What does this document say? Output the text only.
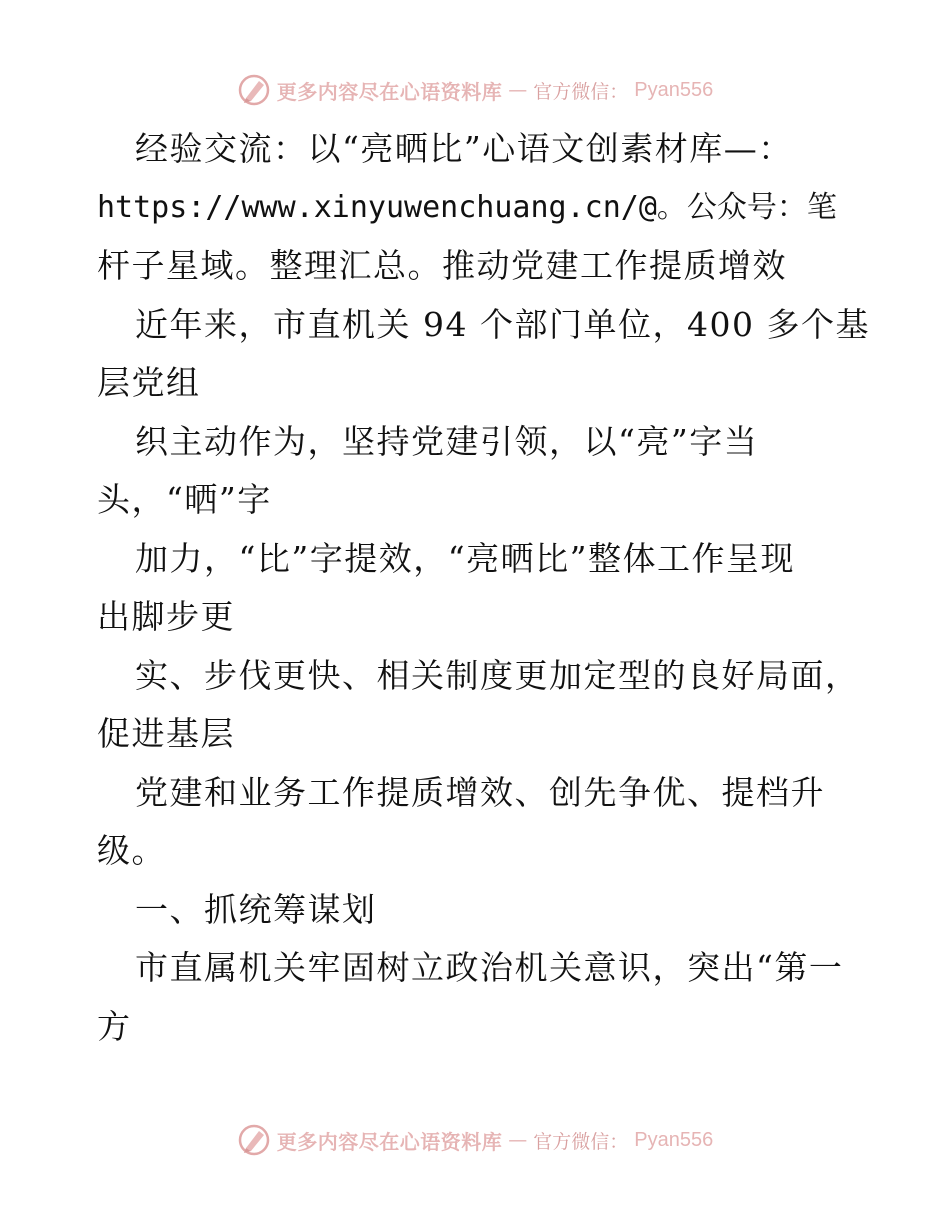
更多内容尽在心语资料库 — 官方微信： Pyan556
经验交流：以“亮晒比”心语文创素材库—：
https://www.xinyuwenchuang.cn/@。公众号：笔
杆子星域。整理汇总。推动党建工作提质增效
近年来，市直机关 94 个部门单位，400 多个基
层党组
织主动作为，坚持党建引领，以“亮”字当
头，“晒”字
加力，“比”字提效，“亮晒比”整体工作呈现
出脚步更
实、步伐更快、相关制度更加定型的良好局面，
促进基层
党建和业务工作提质增效、创先争优、提档升
级。
一、抓统筹谋划
市直属机关牢固树立政治机关意识，突出“第一
方
更多内容尽在心语资料库 — 官方微信： Pyan556
